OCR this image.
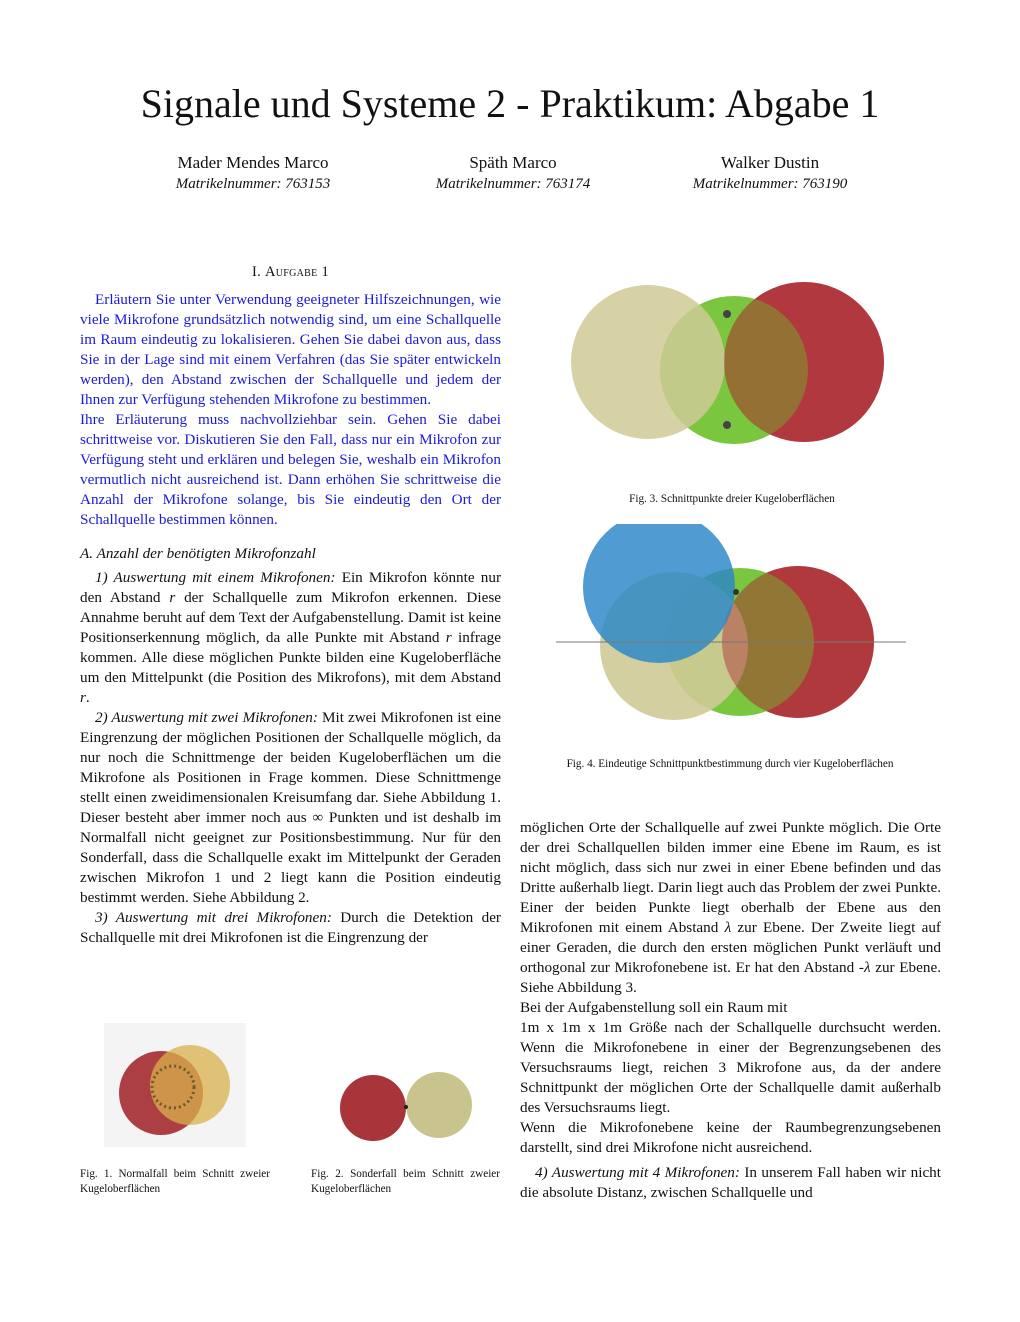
Signale und Systeme 2 - Praktikum: Abgabe 1
Mader Mendes Marco
Matrikelnummer: 763153
Späth Marco
Matrikelnummer: 763174
Walker Dustin
Matrikelnummer: 763190
I. Aufgabe 1

Erläutern Sie unter Verwendung geeigneter Hilfszeichnungen, wie viele Mikrofone grundsätzlich notwendig sind, um eine Schallquelle im Raum eindeutig zu lokalisieren. Gehen Sie dabei davon aus, dass Sie in der Lage sind mit einem Verfahren (das Sie später entwickeln werden), den Abstand zwischen der Schallquelle und jedem der Ihnen zur Verfügung stehenden Mikrofone zu bestimmen.

Ihre Erläuterung muss nachvollziehbar sein. Gehen Sie dabei schrittweise vor. Diskutieren Sie den Fall, dass nur ein Mikrofon zur Verfügung steht und erklären und belegen Sie, weshalb ein Mikrofon vermutlich nicht ausreichend ist. Dann erhöhen Sie schrittweise die Anzahl der Mikrofone solange, bis Sie eindeutig den Ort der Schallquelle bestimmen können.

A. Anzahl der benötigten Mikrofonzahl

1) Auswertung mit einem Mikrofonen: Ein Mikrofon könnte nur den Abstand r der Schallquelle zum Mikrofon erkennen. Diese Annahme beruht auf dem Text der Aufgabenstellung. Damit ist keine Positionserkennung möglich, da alle Punkte mit Abstand r infrage kommen. Alle diese möglichen Punkte bilden eine Kugeloberfläche um den Mittelpunkt (die Position des Mikrofons), mit dem Abstand r.

2) Auswertung mit zwei Mikrofonen: Mit zwei Mikrofonen ist eine Eingrenzung der möglichen Positionen der Schallquelle möglich, da nur noch die Schnittmenge der beiden Kugeloberflächen um die Mikrofone als Positionen in Frage kommen. Diese Schnittmenge stellt einen zweidimensionalen Kreisumfang dar. Siehe Abbildung 1. Dieser besteht aber immer noch aus ∞ Punkten und ist deshalb im Normalfall nicht geeignet zur Positionsbestimmung. Nur für den Sonderfall, dass die Schallquelle exakt im Mittelpunkt der Geraden zwischen Mikrofon 1 und 2 liegt kann die Position eindeutig bestimmt werden. Siehe Abbildung 2.

3) Auswertung mit drei Mikrofonen: Durch die Detektion der Schallquelle mit drei Mikrofonen ist die Eingrenzung der

Fig. 1. Normalfall beim Schnitt zweier Kugeloberflächen
Fig. 2. Sonderfall beim Schnitt zweier Kugeloberflächen
Fig. 3. Schnittpunkte dreier Kugeloberflächen
Fig. 4. Eindeutige Schnittpunktbestimmung durch vier Kugeloberflächen

möglichen Orte der Schallquelle auf zwei Punkte möglich. Die Orte der drei Schallquellen bilden immer eine Ebene im Raum, es ist nicht möglich, dass sich nur zwei in einer Ebene befinden und das Dritte außerhalb liegt. Darin liegt auch das Problem der zwei Punkte. Einer der beiden Punkte liegt oberhalb der Ebene aus den Mikrofonen mit einem Abstand λ zur Ebene. Der Zweite liegt auf einer Geraden, die durch den ersten möglichen Punkt verläuft und orthogonal zur Mikrofonebene ist. Er hat den Abstand -λ zur Ebene. Siehe Abbildung 3.

Bei der Aufgabenstellung soll ein Raum mit

1m x 1m x 1m Größe nach der Schallquelle durchsucht werden. Wenn die Mikrofonebene in einer der Begrenzungsebenen des Versuchsraums liegt, reichen 3 Mikrofone aus, da der andere Schnittpunkt der möglichen Orte der Schallquelle damit außerhalb des Versuchsraums liegt.

Wenn die Mikrofonebene keine der Raumbegrenzungsebenen darstellt, sind drei Mikrofone nicht ausreichend.

4) Auswertung mit 4 Mikrofonen: In unserem Fall haben wir nicht die absolute Distanz, zwischen Schallquelle und
